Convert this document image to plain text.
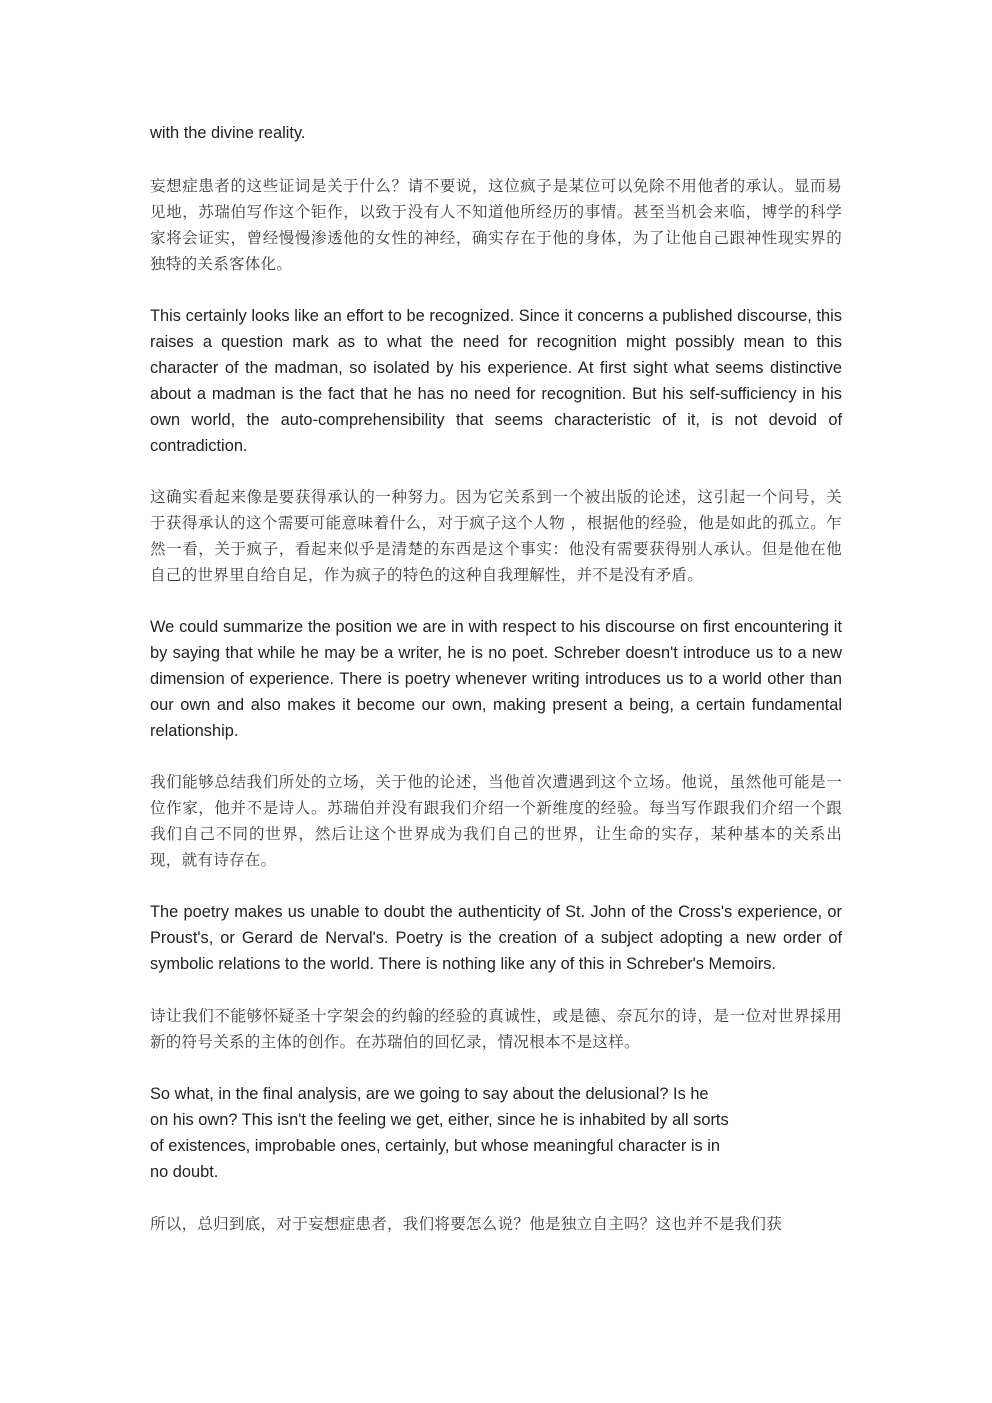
with the divine reality.

妄想症患者的这些证词是关于什么？请不要说，这位疯子是某位可以免除不用他者的承认。显而易见地，苏瑞伯写作这个钜作，以致于没有人不知道他所经历的事情。甚至当机会来临，博学的科学家将会证实，曾经慢慢渗透他的女性的神经，确实存在于他的身体，为了让他自己跟神性现实界的独特的关系客体化。

This certainly looks like an effort to be recognized. Since it concerns a published discourse, this raises a question mark as to what the need for recognition might possibly mean to this character of the madman, so isolated by his experience. At first sight what seems distinctive about a madman is the fact that he has no need for recognition. But his self-sufficiency in his own world, the auto-comprehensibility that seems characteristic of it, is not devoid of contradiction.

这确实看起来像是要获得承认的一种努力。因为它关系到一个被出版的论述，这引起一个问号，关于获得承认的这个需要可能意味着什么，对于疯子这个人物 ，根据他的经验，他是如此的孤立。乍然一看，关于疯子，看起来似乎是清楚的东西是这个事实：他没有需要获得别人承认。但是他在他自己的世界里自给自足，作为疯子的特色的这种自我理解性，并不是没有矛盾。

We could summarize the position we are in with respect to his discourse on first encountering it by saying that while he may be a writer, he is no poet. Schreber doesn't introduce us to a new dimension of experience. There is poetry whenever writing introduces us to a world other than our own and also makes it become our own, making present a being, a certain fundamental relationship.

我们能够总结我们所处的立场，关于他的论述，当他首次遭遇到这个立场。他说，虽然他可能是一位作家，他并不是诗人。苏瑞伯并没有跟我们介绍一个新维度的经验。每当写作跟我们介绍一个跟我们自己不同的世界，然后让这个世界成为我们自己的世界，让生命的实存，某种基本的关系出现，就有诗存在。

The poetry makes us unable to doubt the authenticity of St. John of the Cross's experience, or Proust's, or Gerard de Nerval's. Poetry is the creation of a subject adopting a new order of symbolic relations to the world. There is nothing like any of this in Schreber's Memoirs.

诗让我们不能够怀疑圣十字架会的约翰的经验的真诚性，或是德、奈瓦尔的诗，是一位对世界採用新的符号关系的主体的创作。在苏瑞伯的回忆录，情况根本不是这样。

So what, in the final analysis, are we going to say about the delusional? Is he on his own? This isn't the feeling we get, either, since he is inhabited by all sorts of existences, improbable ones, certainly, but whose meaningful character is in no doubt.

所以，总归到底，对于妄想症患者，我们将要怎么说？他是独立自主吗？这也并不是我们获
